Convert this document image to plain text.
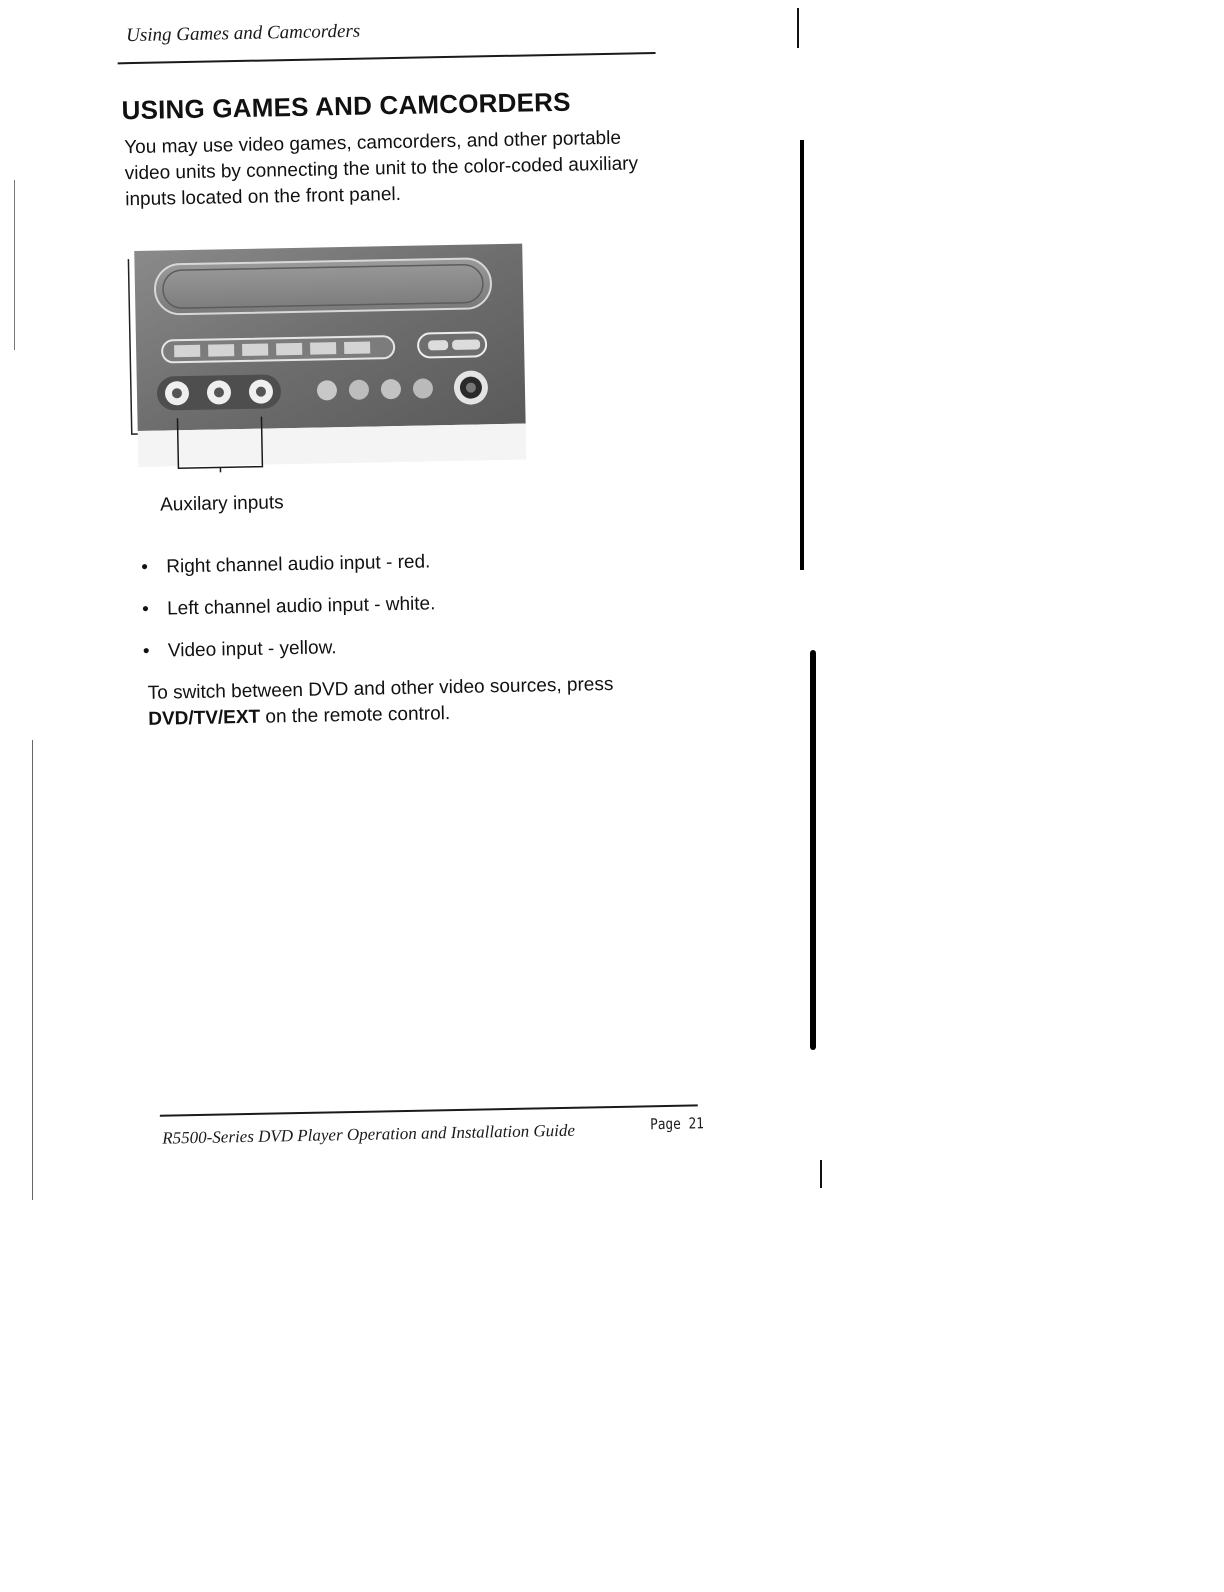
Using Games and Camcorders
USING GAMES AND CAMCORDERS

You may use video games, camcorders, and other portable video units by connecting the unit to the color-coded auxiliary inputs located on the front panel.

Auxilary inputs
• Right channel audio input - red.
• Left channel audio input - white.
• Video input - yellow.

To switch between DVD and other video sources, press DVD/TV/EXT on the remote control.

R5500-Series DVD Player Operation and Installation Guide	Page 21
